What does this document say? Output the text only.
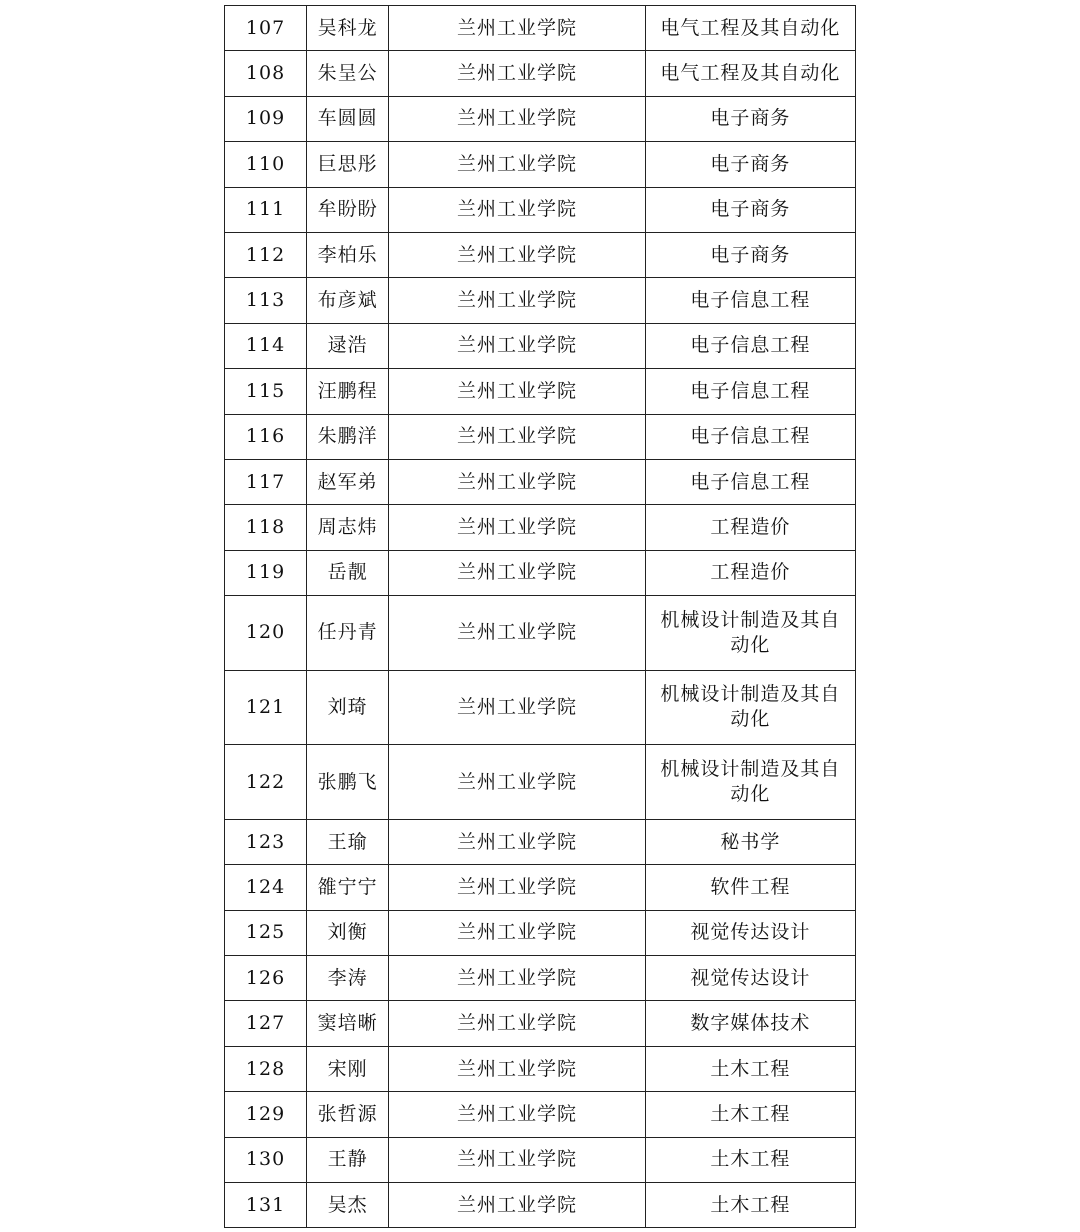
107	吴科龙	兰州工业学院	电气工程及其自动化
108	朱呈公	兰州工业学院	电气工程及其自动化
109	车圆圆	兰州工业学院	电子商务
110	巨思彤	兰州工业学院	电子商务
111	牟盼盼	兰州工业学院	电子商务
112	李柏乐	兰州工业学院	电子商务
113	布彦斌	兰州工业学院	电子信息工程
114	逯浩	兰州工业学院	电子信息工程
115	汪鹏程	兰州工业学院	电子信息工程
116	朱鹏洋	兰州工业学院	电子信息工程
117	赵军弟	兰州工业学院	电子信息工程
118	周志炜	兰州工业学院	工程造价
119	岳靓	兰州工业学院	工程造价
120	任丹青	兰州工业学院	机械设计制造及其自动化
121	刘琦	兰州工业学院	机械设计制造及其自动化
122	张鹏飞	兰州工业学院	机械设计制造及其自动化
123	王瑜	兰州工业学院	秘书学
124	雒宁宁	兰州工业学院	软件工程
125	刘衡	兰州工业学院	视觉传达设计
126	李涛	兰州工业学院	视觉传达设计
127	窦培晰	兰州工业学院	数字媒体技术
128	宋刚	兰州工业学院	土木工程
129	张哲源	兰州工业学院	土木工程
130	王静	兰州工业学院	土木工程
131	吴杰	兰州工业学院	土木工程
